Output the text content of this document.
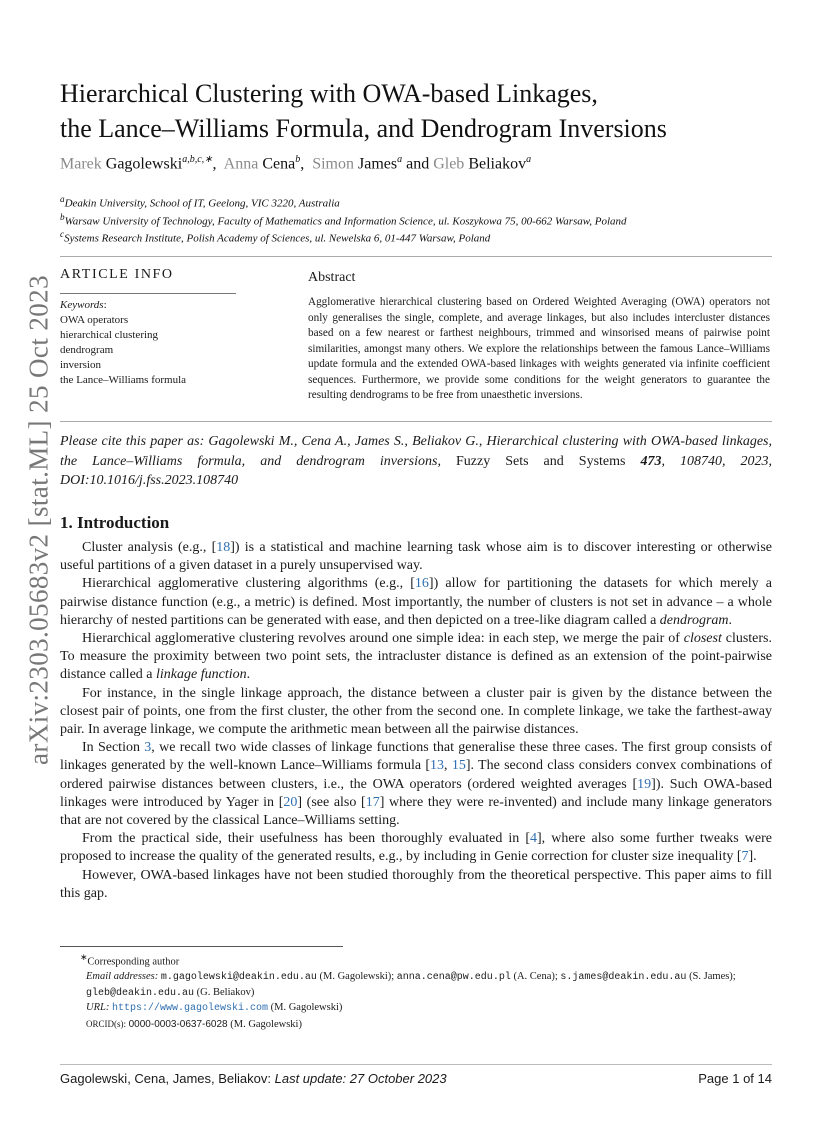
arXiv:2303.05683v2 [stat.ML] 25 Oct 2023
Hierarchical Clustering with OWA-based Linkages,
the Lance–Williams Formula, and Dendrogram Inversions
Marek Gagolewski$^{a,b,c,∗}$, Anna Cena$^b$, Simon James$^a$ and Gleb Beliakov$^a$
$^a$Deakin University, School of IT, Geelong, VIC 3220, Australia
$^b$Warsaw University of Technology, Faculty of Mathematics and Information Science, ul. Koszykowa 75, 00-662 Warsaw, Poland
$^c$Systems Research Institute, Polish Academy of Sciences, ul. Newelska 6, 01-447 Warsaw, Poland
ARTICLE INFO
Keywords:
OWA operators
hierarchical clustering
dendrogram
inversion
the Lance–Williams formula
Abstract
Agglomerative hierarchical clustering based on Ordered Weighted Averaging (OWA) operators not only generalises the single, complete, and average linkages, but also includes intercluster distances based on a few nearest or farthest neighbours, trimmed and winsorised means of pairwise point similarities, amongst many others. We explore the relationships between the famous Lance–Williams update formula and the extended OWA-based linkages with weights generated via infinite coefficient sequences. Furthermore, we provide some conditions for the weight generators to guarantee the resulting dendrograms to be free from unaesthetic inversions.
Please cite this paper as: Gagolewski M., Cena A., James S., Beliakov G., Hierarchical clustering with OWA-based linkages, the Lance–Williams formula, and dendrogram inversions, Fuzzy Sets and Systems 473, 108740, 2023, DOI:10.1016/j.fss.2023.108740
1. Introduction

Cluster analysis (e.g., [18]) is a statistical and machine learning task whose aim is to discover interesting or otherwise useful partitions of a given dataset in a purely unsupervised way.

Hierarchical agglomerative clustering algorithms (e.g., [16]) allow for partitioning the datasets for which merely a pairwise distance function (e.g., a metric) is defined. Most importantly, the number of clusters is not set in advance – a whole hierarchy of nested partitions can be generated with ease, and then depicted on a tree-like diagram called a dendrogram.

Hierarchical agglomerative clustering revolves around one simple idea: in each step, we merge the pair of closest clusters. To measure the proximity between two point sets, the intracluster distance is defined as an extension of the point-pairwise distance called a linkage function.

For instance, in the single linkage approach, the distance between a cluster pair is given by the distance between the closest pair of points, one from the first cluster, the other from the second one. In complete linkage, we take the farthest-away pair. In average linkage, we compute the arithmetic mean between all the pairwise distances.

In Section 3, we recall two wide classes of linkage functions that generalise these three cases. The first group consists of linkages generated by the well-known Lance–Williams formula [13, 15]. The second class considers convex combinations of ordered pairwise distances between clusters, i.e., the OWA operators (ordered weighted averages [19]). Such OWA-based linkages were introduced by Yager in [20] (see also [17] where they were re-invented) and include many linkage generators that are not covered by the classical Lance–Williams setting.

From the practical side, their usefulness has been thoroughly evaluated in [4], where also some further tweaks were proposed to increase the quality of the generated results, e.g., by including in Genie correction for cluster size inequality [7].

However, OWA-based linkages have not been studied thoroughly from the theoretical perspective. This paper aims to fill this gap.

∗Corresponding author
Email addresses: m.gagolewski@deakin.edu.au (M. Gagolewski); anna.cena@pw.edu.pl (A. Cena); s.james@deakin.edu.au (S. James); gleb@deakin.edu.au (G. Beliakov)
URL: https://www.gagolewski.com (M. Gagolewski)
ORCID(s): 0000-0003-0637-6028 (M. Gagolewski)
Gagolewski, Cena, James, Beliakov: Last update: 27 October 2023	Page 1 of 14
